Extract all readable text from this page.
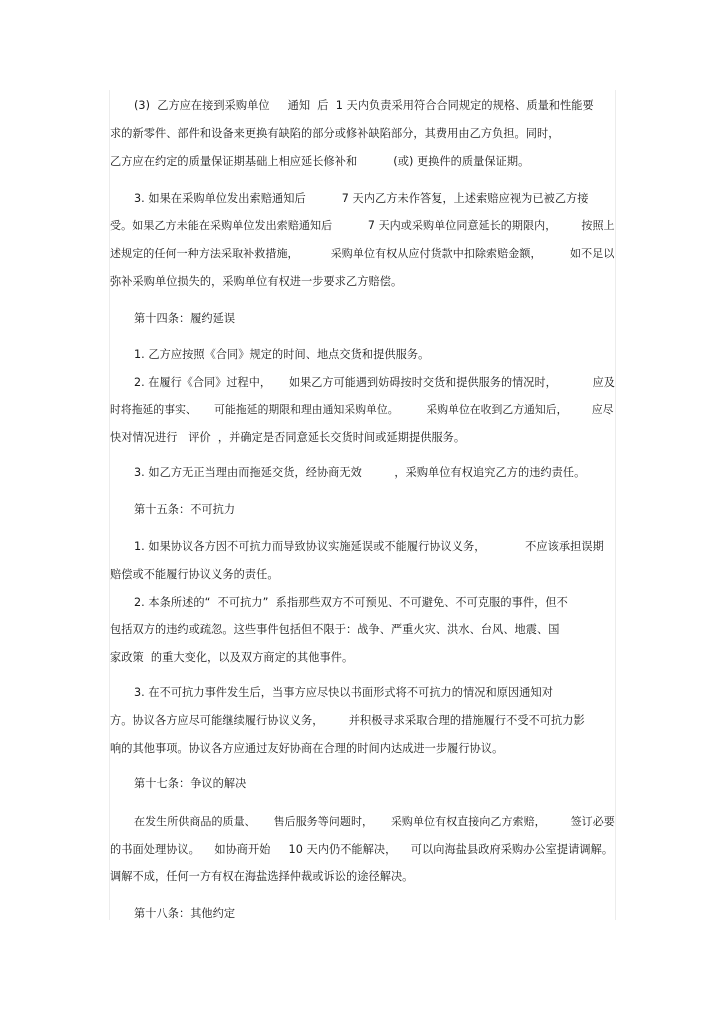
(3)  乙方应在接到采购单位     通知  后  1 天内负责采用符合合同规定的规格、质量和性能要
求的新零件、部件和设备来更换有缺陷的部分或修补缺陷部分，其费用由乙方负担。同时，
乙方应在约定的质量保证期基础上相应延长修补和          (或) 更换件的质量保证期。
3. 如果在采购单位发出索赔通知后          7 天内乙方未作答复，上述索赔应视为已被乙方接
受。如果乙方未能在采购单位发出索赔通知后          7 天内或采购单位同意延长的期限内，       按照上
述规定的任何一种方法采取补救措施，         采购单位有权从应付货款中扣除索赔金额，        如不足以
弥补采购单位损失的，采购单位有权进一步要求乙方赔偿。
第十四条：履约延误
1. 乙方应按照《合同》规定的时间、地点交货和提供服务。
2. 在履行《合同》过程中，     如果乙方可能遇到妨碍按时交货和提供服务的情况时，          应及
时将拖延的事实、     可能拖延的期限和理由通知采购单位。        采购单位在收到乙方通知后，       应尽
快对情况进行   评价  ，并确定是否同意延长交货时间或延期提供服务。
3. 如乙方无正当理由而拖延交货，经协商无效         ，采购单位有权追究乙方的违约责任。
第十五条：不可抗力
1. 如果协议各方因不可抗力而导致协议实施延误或不能履行协议义务，           不应该承担误期
赔偿或不能履行协议义务的责任。
2. 本条所述的“  不可抗力”  系指那些双方不可预见、不可避免、不可克服的事件，但不
包括双方的违约或疏忽。这些事件包括但不限于：战争、严重火灾、洪水、台风、地震、国
家政策  的重大变化，以及双方商定的其他事件。
3. 在不可抗力事件发生后，当事方应尽快以书面形式将不可抗力的情况和原因通知对
方。协议各方应尽可能继续履行协议义务，       并积极寻求采取合理的措施履行不受不可抗力影
响的其他事项。协议各方应通过友好协商在合理的时间内达成进一步履行协议。
第十七条：争议的解决
在发生所供商品的质量、     售后服务等问题时，     采购单位有权直接向乙方索赔，       签订必要
的书面处理协议。    如协商开始     10 天内仍不能解决，    可以向海盐县政府采购办公室提请调解。
调解不成，任何一方有权在海盐选择仲裁或诉讼的途径解决。
第十八条：其他约定
